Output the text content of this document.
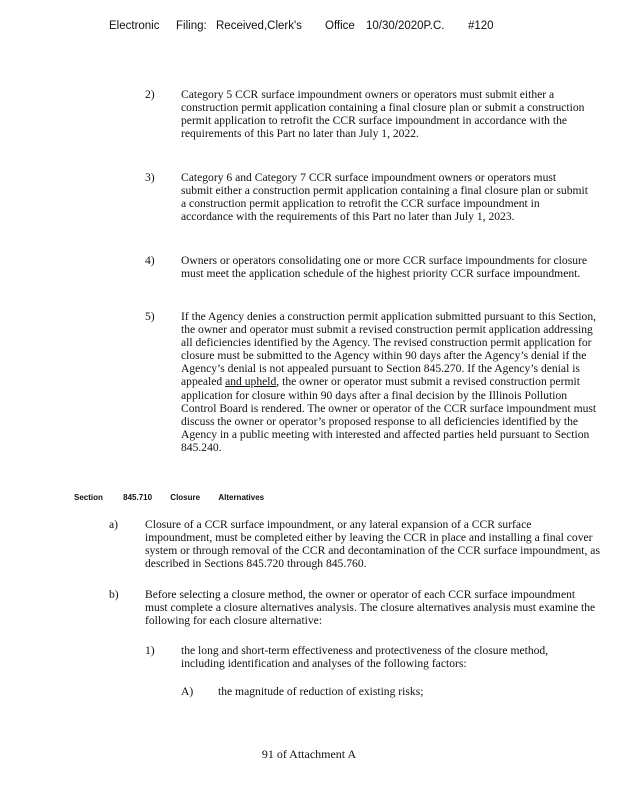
Electronic Filing: Received,Clerk's Office 10/30/2020P.C. #120
2) Category 5 CCR surface impoundment owners or operators must submit either a construction permit application containing a final closure plan or submit a construction permit application to retrofit the CCR surface impoundment in accordance with the requirements of this Part no later than July 1, 2022.
3) Category 6 and Category 7 CCR surface impoundment owners or operators must submit either a construction permit application containing a final closure plan or submit a construction permit application to retrofit the CCR surface impoundment in accordance with the requirements of this Part no later than July 1, 2023.
4) Owners or operators consolidating one or more CCR surface impoundments for closure must meet the application schedule of the highest priority CCR surface impoundment.
5) If the Agency denies a construction permit application submitted pursuant to this Section, the owner and operator must submit a revised construction permit application addressing all deficiencies identified by the Agency. The revised construction permit application for closure must be submitted to the Agency within 90 days after the Agency’s denial if the Agency’s denial is not appealed pursuant to Section 845.270. If the Agency’s denial is appealed and upheld, the owner or operator must submit a revised construction permit application for closure within 90 days after a final decision by the Illinois Pollution Control Board is rendered. The owner or operator of the CCR surface impoundment must discuss the owner or operator’s proposed response to all deficiencies identified by the Agency in a public meeting with interested and affected parties held pursuant to Section 845.240.
Section	845.710 Closure Alternatives
a) Closure of a CCR surface impoundment, or any lateral expansion of a CCR surface impoundment, must be completed either by leaving the CCR in place and installing a final cover system or through removal of the CCR and decontamination of the CCR surface impoundment, as described in Sections 845.720 through 845.760.
b) Before selecting a closure method, the owner or operator of each CCR surface impoundment must complete a closure alternatives analysis. The closure alternatives analysis must examine the following for each closure alternative:
1) the long and short-term effectiveness and protectiveness of the closure method, including identification and analyses of the following factors:
A) the magnitude of reduction of existing risks;
91 of Attachment A
